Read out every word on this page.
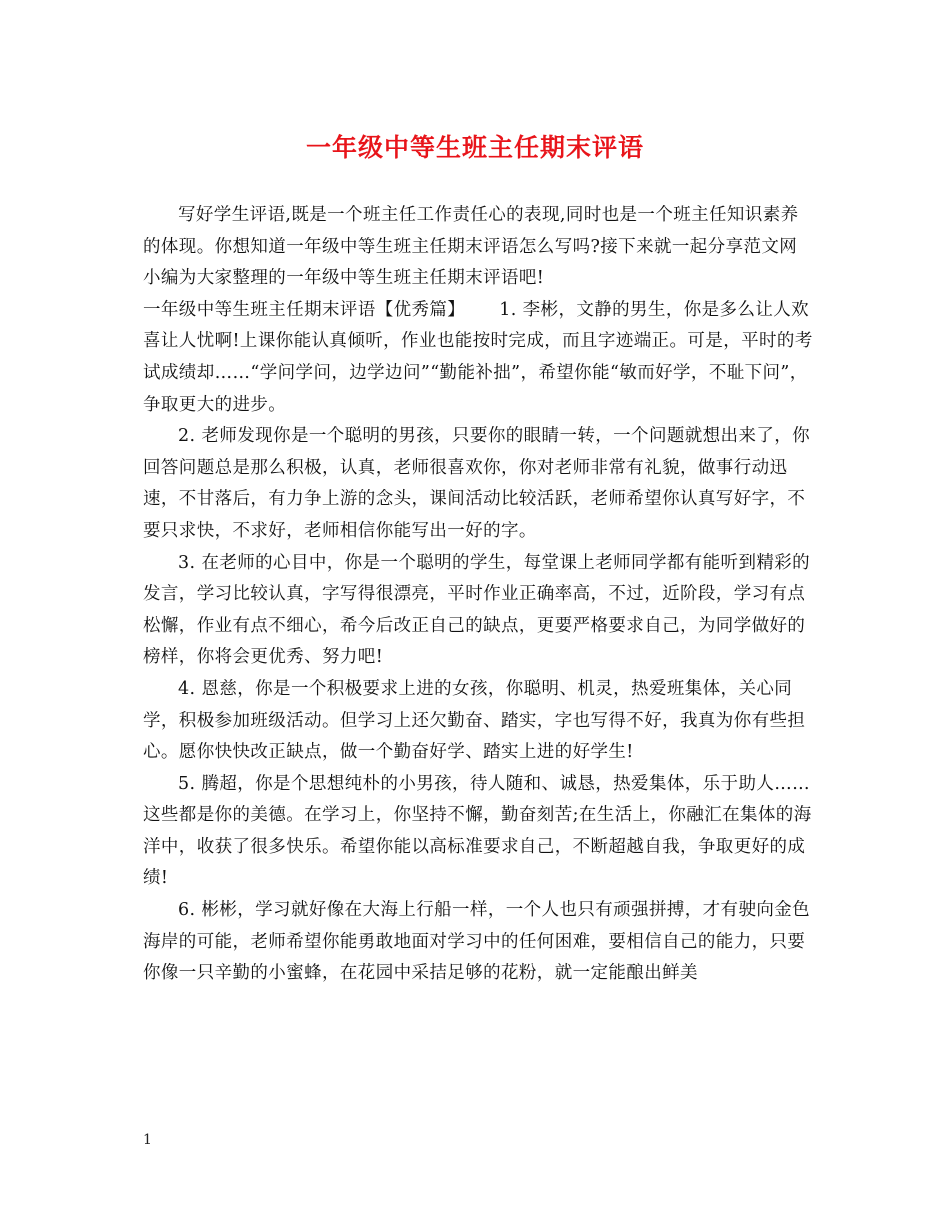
一年级中等生班主任期末评语

写好学生评语,既是一个班主任工作责任心的表现,同时也是一个班主任知识素养的体现。你想知道一年级中等生班主任期末评语怎么写吗?接下来就一起分享范文网小编为大家整理的一年级中等生班主任期末评语吧!

一年级中等生班主任期末评语【优秀篇】 1. 李彬，文静的男生，你是多么让人欢喜让人忧啊!上课你能认真倾听，作业也能按时完成，而且字迹端正。可是，平时的考试成绩却……“学问学问，边学边问”“勤能补拙”，希望你能“敏而好学，不耻下问”，争取更大的进步。

2. 老师发现你是一个聪明的男孩，只要你的眼睛一转，一个问题就想出来了，你回答问题总是那么积极，认真，老师很喜欢你，你对老师非常有礼貌，做事行动迅速，不甘落后，有力争上游的念头，课间活动比较活跃，老师希望你认真写好字，不要只求快，不求好，老师相信你能写出一好的字。

3. 在老师的心目中，你是一个聪明的学生，每堂课上老师同学都有能听到精彩的发言，学习比较认真，字写得很漂亮，平时作业正确率高，不过，近阶段，学习有点松懈，作业有点不细心，希今后改正自己的缺点，更要严格要求自己，为同学做好的榜样，你将会更优秀、努力吧!

4. 恩慈，你是一个积极要求上进的女孩，你聪明、机灵，热爱班集体，关心同学，积极参加班级活动。但学习上还欠勤奋、踏实，字也写得不好，我真为你有些担心。愿你快快改正缺点，做一个勤奋好学、踏实上进的好学生!

5. 腾超，你是个思想纯朴的小男孩，待人随和、诚恳，热爱集体，乐于助人……这些都是你的美德。在学习上，你坚持不懈，勤奋刻苦;在生活上，你融汇在集体的海洋中，收获了很多快乐。希望你能以高标准要求自己，不断超越自我，争取更好的成绩!

6. 彬彬，学习就好像在大海上行船一样，一个人也只有顽强拼搏，才有驶向金色海岸的可能，老师希望你能勇敢地面对学习中的任何困难，要相信自己的能力，只要你像一只辛勤的小蜜蜂，在花园中采拮足够的花粉，就一定能酿出鲜美

1
